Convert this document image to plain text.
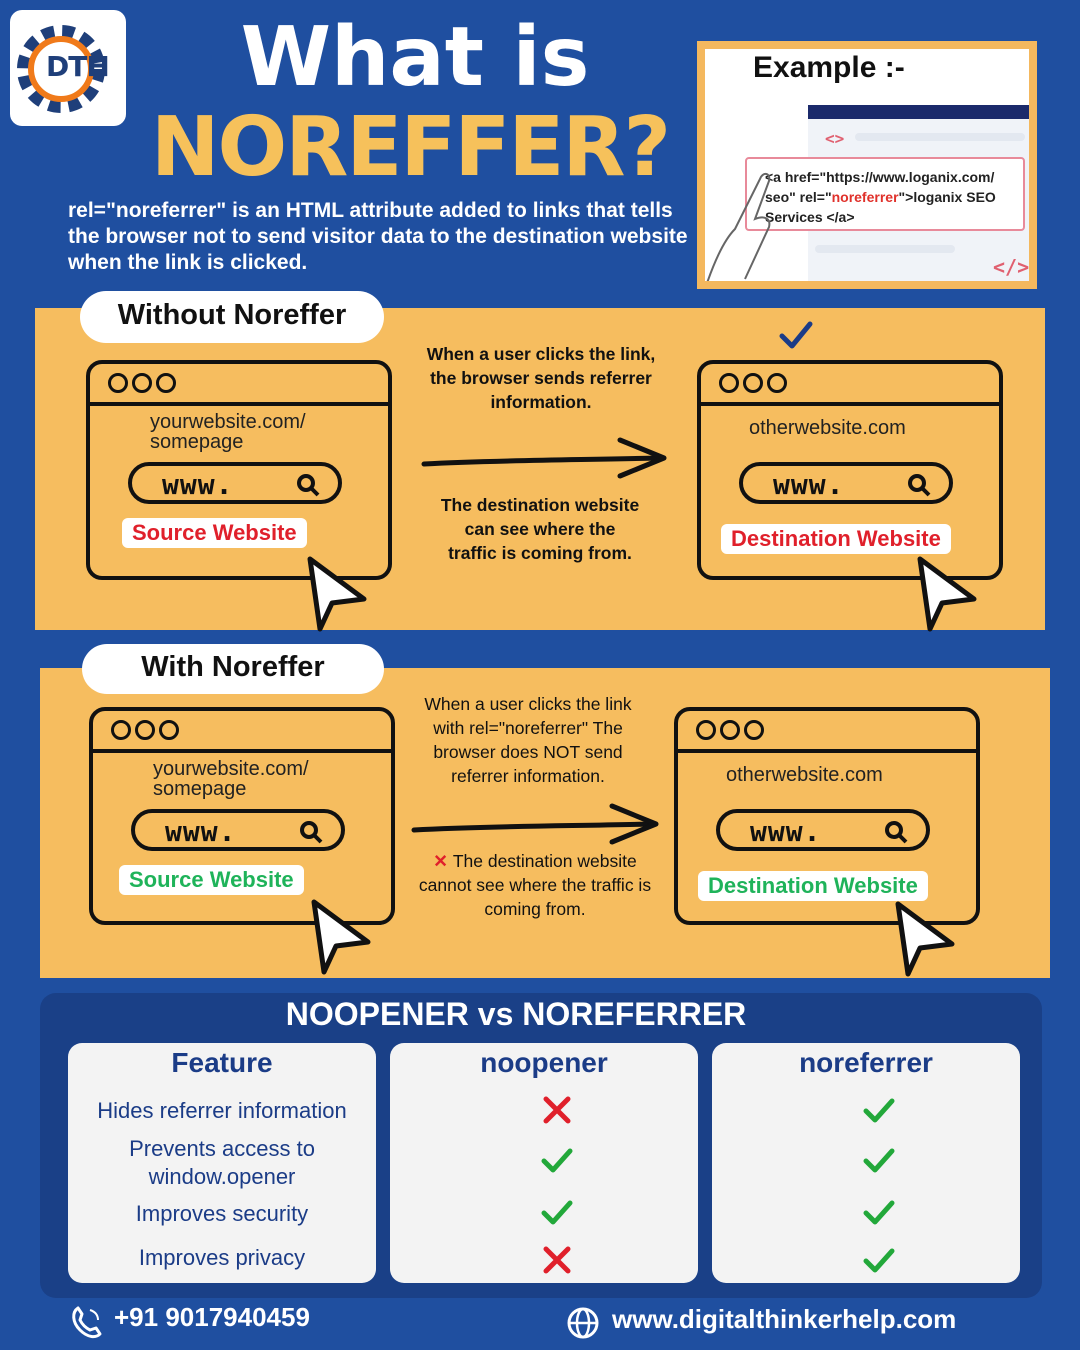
DTH What is
NOREFFER?
rel="noreferrer" is an HTML attribute added to links that tells the browser not to send visitor data to the destination website when the link is clicked.
<>
</>
Example :-
<a href="https://www.loganix.com/
seo" rel="noreferrer">loganix SEO
Services </a>
Without Noreffer
yourwebsite.com/
somepage
www.
Source Website
When a user clicks the link, the browser sends referrer information.
The destination website can see where the traffic is coming from.
otherwebsite.com
www.
Destination Website
With Noreffer
yourwebsite.com/
somepage
www.
Source Website
When a user clicks the link with rel="noreferrer" The browser does NOT send referrer information.
✕ The destination website cannot see where the traffic is coming from.
otherwebsite.com
www.
Destination Website
NOOPENER vs NOREFERRER
Feature
Hides referrer information
Prevents access to window.opener
Improves security
Improves privacy
noopener	noreferrer
+91 9017940459	www.digitalthinkerhelp.com
